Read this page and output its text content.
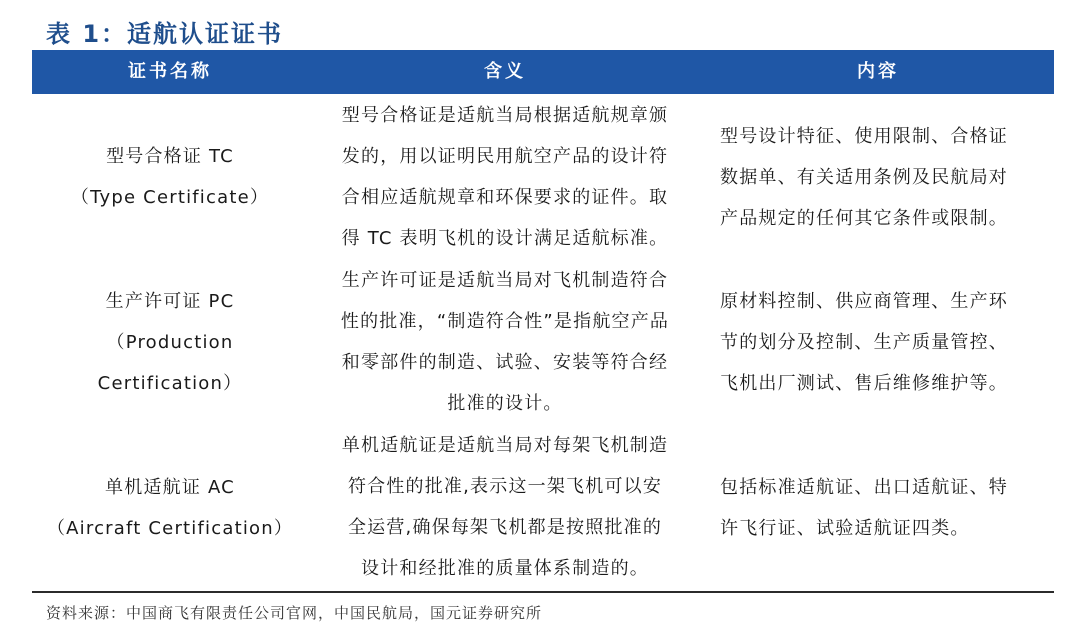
表 1：适航认证证书
证书名称	含义	内容
型号合格证 TC
（Type Certificate）
型号合格证是适航当局根据适航规章颁
发的，用以证明民用航空产品的设计符
合相应适航规章和环保要求的证件。取
得 TC 表明飞机的设计满足适航标准。
型号设计特征、使用限制、合格证
数据单、有关适用条例及民航局对
产品规定的任何其它条件或限制。
生产许可证 PC
（Production
Certification）
生产许可证是适航当局对飞机制造符合
性的批准，“制造符合性”是指航空产品
和零部件的制造、试验、安装等符合经
批准的设计。
原材料控制、供应商管理、生产环
节的划分及控制、生产质量管控、
飞机出厂测试、售后维修维护等。
单机适航证 AC
（Aircraft Certification）
单机适航证是适航当局对每架飞机制造
符合性的批准,表示这一架飞机可以安
全运营,确保每架飞机都是按照批准的
设计和经批准的质量体系制造的。
包括标准适航证、出口适航证、特
许飞行证、试验适航证四类。
资料来源：中国商飞有限责任公司官网，中国民航局，国元证券研究所
